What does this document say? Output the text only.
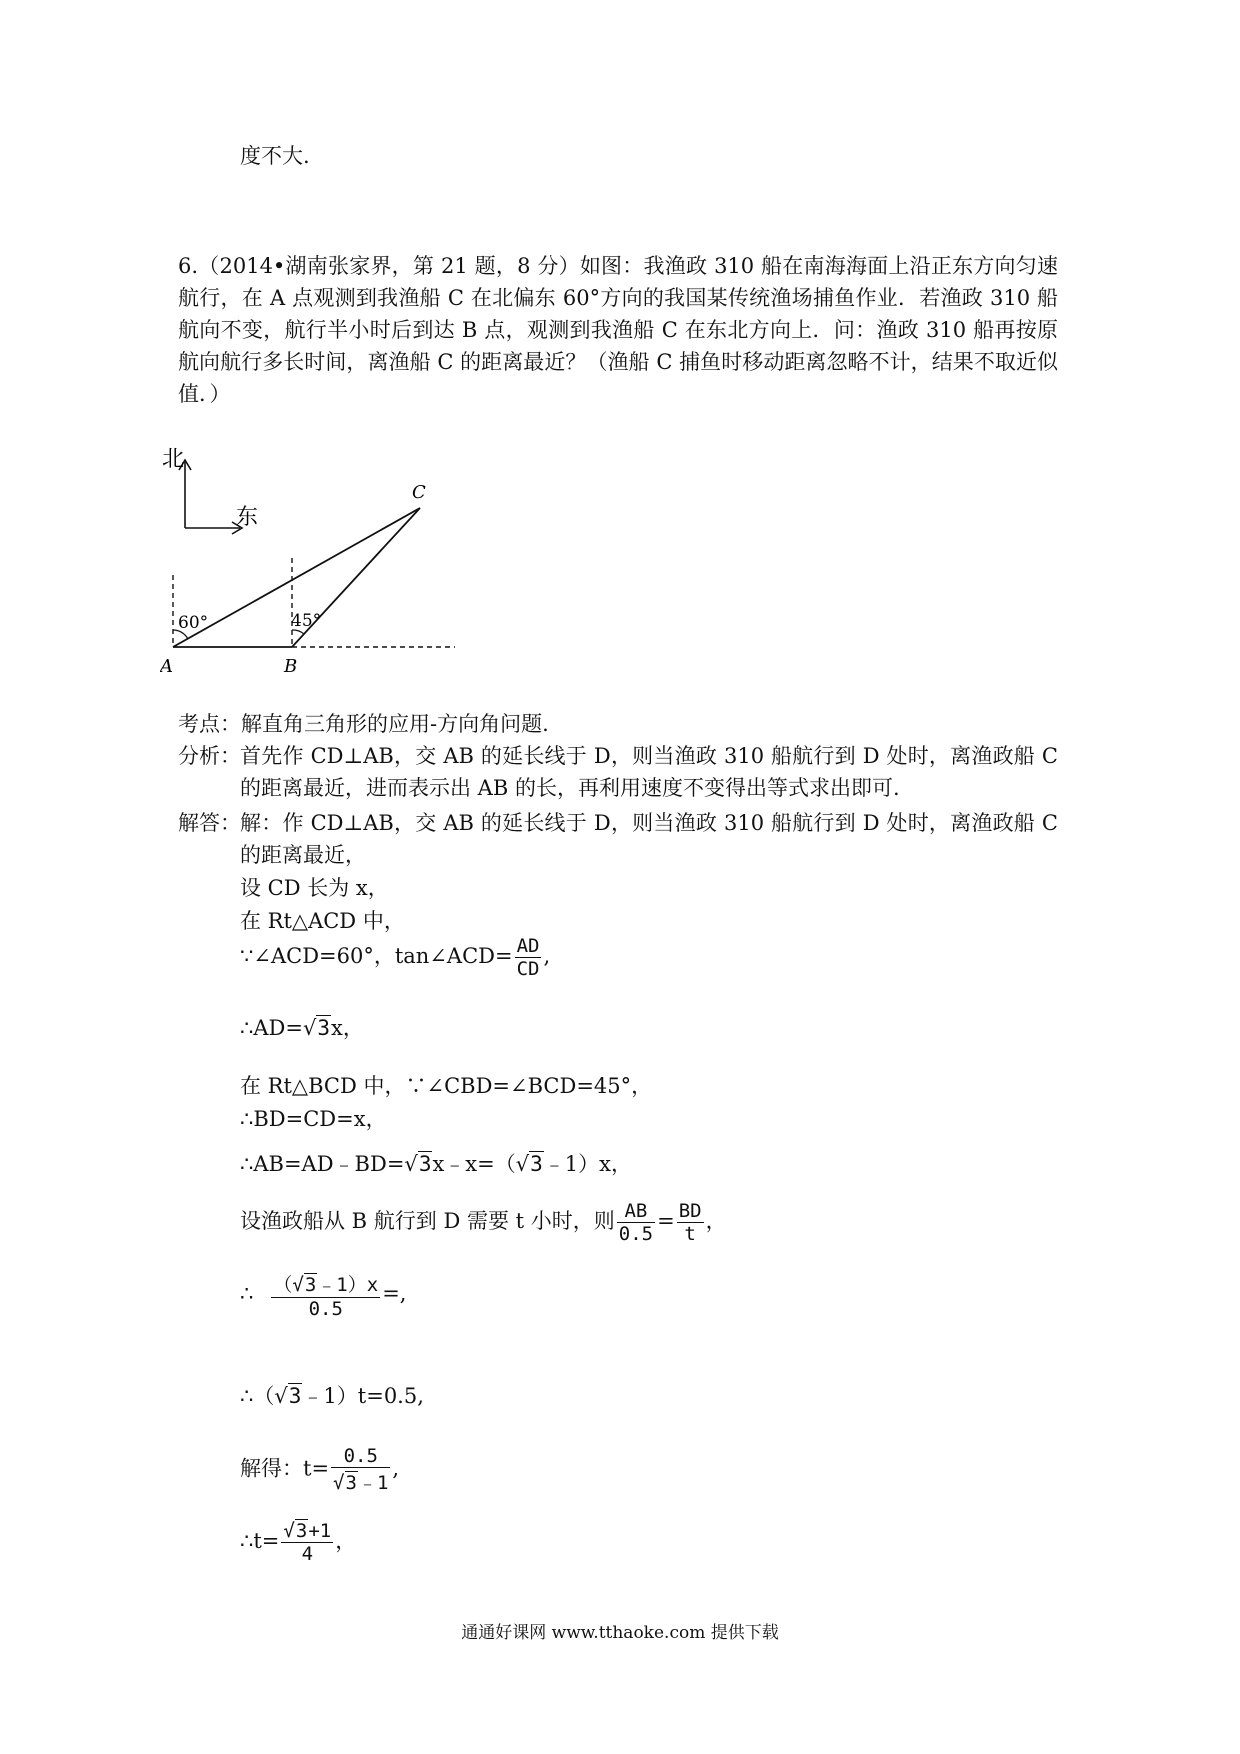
度不大.
6.（2014•湖南张家界，第 21 题，8 分）如图：我渔政 310 船在南海海面上沿正东方向匀速航行，在 A 点观测到我渔船 C 在北偏东 60°方向的我国某传统渔场捕鱼作业．若渔政 310 船航向不变，航行半小时后到达 B 点，观测到我渔船 C 在东北方向上．问：渔政 310 船再按原航向航行多长时间，离渔船 C 的距离最近？（渔船 C 捕鱼时移动距离忽略不计，结果不取近似值．）
北
东
60°	45°
A	B
C
考点：解直角三角形的应用-方向角问题.
分析： 首先作 CD⊥AB，交 AB 的延长线于 D，则当渔政 310 船航行到 D 处时，离渔政船 C 的距离最近，进而表示出 AB 的长，再利用速度不变得出等式求出即可.
解答： 解：作 CD⊥AB，交 AB 的延长线于 D，则当渔政 310 船航行到 D 处时，离渔政船 C 的距离最近，
设 CD 长为 x，
在 Rt△ACD 中，
∵∠ACD=60°，tan∠ACD= $\frac{AD}{CD}$ ,
∴AD=√3x，
在 Rt△BCD 中，∵∠CBD=∠BCD=45°，
∴BD=CD=x，
∴AB=AD﹣BD=√3x﹣x=（√3﹣1）x，
设渔政船从 B 航行到 D 需要 t 小时，则 $\frac{AB}{0.5} = \frac{BD}{t}$ ，
∴ $\frac{(√3﹣1)x}{0.5}$ =,
∴（√3﹣1）t=0.5,
解得：$t= \frac{0.5}{√3﹣1}$ ,
∴t= $\frac{√3+1}{4}$ ，
通通好课网 www.tthaoke.com 提供下载
